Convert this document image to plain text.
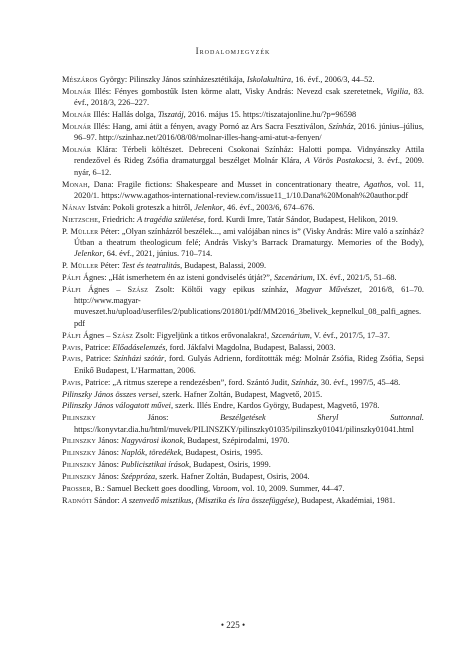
Irodalomjegyzék

Mészáros György: Pilinszky János színházesztétikája, Iskolakultúra, 16. évf., 2006/3, 44–52.

Molnár Illés: Fényes gombostűk Isten körme alatt, Visky András: Nevezd csak szeretetnek, Vigilia, 83. évf., 2018/3, 226–227.

Molnár Illés: Hallás dolga, Tiszatáj, 2016. május 15. https://tiszatajonline.hu/?p=96598

Molnár Illés: Hang, ami átüt a fényen, avagy Pornó az Ars Sacra Fesztiválon, Színház, 2016. június–július, 96–97. http://szinhaz.net/2016/08/08/molnar-illes-hang-ami-atut-a-fenyen/

Molnár Klára: Térbeli költészet. Debreceni Csokonai Színház: Halotti pompa. Vidnyánszky Attila rendezővel és Rideg Zsófia dramaturggal beszélget Molnár Klára, A Vörös Postakocsi, 3. évf., 2009. nyár, 6–12.

Monah, Dana: Fragile fictions: Shakespeare and Musset in concentrationary theatre, Agathos, vol. 11, 2020/1. https://www.agathos-international-review.com/issue11_1/10.Dana%20Monah%20author.pdf

Nánay István: Pokoli groteszk a hitről, Jelenkor, 46. évf., 2003/6, 674–676.

Nietzsche, Friedrich: A tragédia születése, ford. Kurdi Imre, Tatár Sándor, Budapest, Helikon, 2019.

P. Müller Péter: „Olyan színházról beszélek..., ami valójában nincs is” (Visky András: Mire való a színház? Útban a theatrum theologicum felé; András Visky’s Barrack Dramaturgy. Memories of the Body), Jelenkor, 64. évf., 2021, június. 710–714.

P. Müller Péter: Test és teatralitás, Budapest, Balassi, 2009.

Pálfi Ágnes: „Hát ismerhetem én az isteni gondviselés útját?”, Szcenárium, IX. évf., 2021/5, 51–68.

Pálfi Ágnes – Szász Zsolt: Költői vagy epikus színház, Magyar Művészet, 2016/8, 61–70. http://www.magyar-muveszet.hu/upload/userfiles/2/publications/201801/pdf/MM2016_3belivek_kepnelkul_08_palfi_agnes.pdf

Pálfi Ágnes – Szász Zsolt: Figyeljünk a titkos erővonalakra!, Szcenárium, V. évf., 2017/5, 17–37.

Pavis, Patrice: Előadáselemzés, ford. Jákfalvi Magdolna, Budapest, Balassi, 2003.

Pavis, Patrice: Színházi szótár, ford. Gulyás Adrienn, fordítottták még: Molnár Zsófia, Rideg Zsófia, Sepsi Enikő Budapest, L’Harmattan, 2006.

Pavis, Patrice: „A ritmus szerepe a rendezésben”, ford. Szántó Judit, Színház, 30. évf., 1997/5, 45–48.

Pilinszky János összes versei, szerk. Hafner Zoltán, Budapest, Magvető, 2015.

Pilinszky János válogatott művei, szerk. Illés Endre, Kardos György, Budapest, Magvető, 1978.

Pilinszky János: Beszélgetések Sheryl Suttonnal. https://konyvtar.dia.hu/html/muvek/PILINSZKY/pilinszky01035/pilinszky01041/pilinszky01041.html

Pilinszky János: Nagyvárosi ikonok, Budapest, Szépirodalmi, 1970.

Pilinszky János: Naplók, töredékek, Budapest, Osiris, 1995.

Pilinszky János: Publicisztikai írások, Budapest, Osiris, 1999.

Pilinszky János: Széppróza, szerk. Hafner Zoltán, Budapest, Osiris, 2004.

Prosser, B.: Samuel Beckett goes doodling, Varoom, vol. 10, 2009. Summer, 44–47.

Radnóti Sándor: A szenvedő misztikus, (Misztika és líra összefüggése), Budapest, Akadémiai, 1981.

• 225 •
